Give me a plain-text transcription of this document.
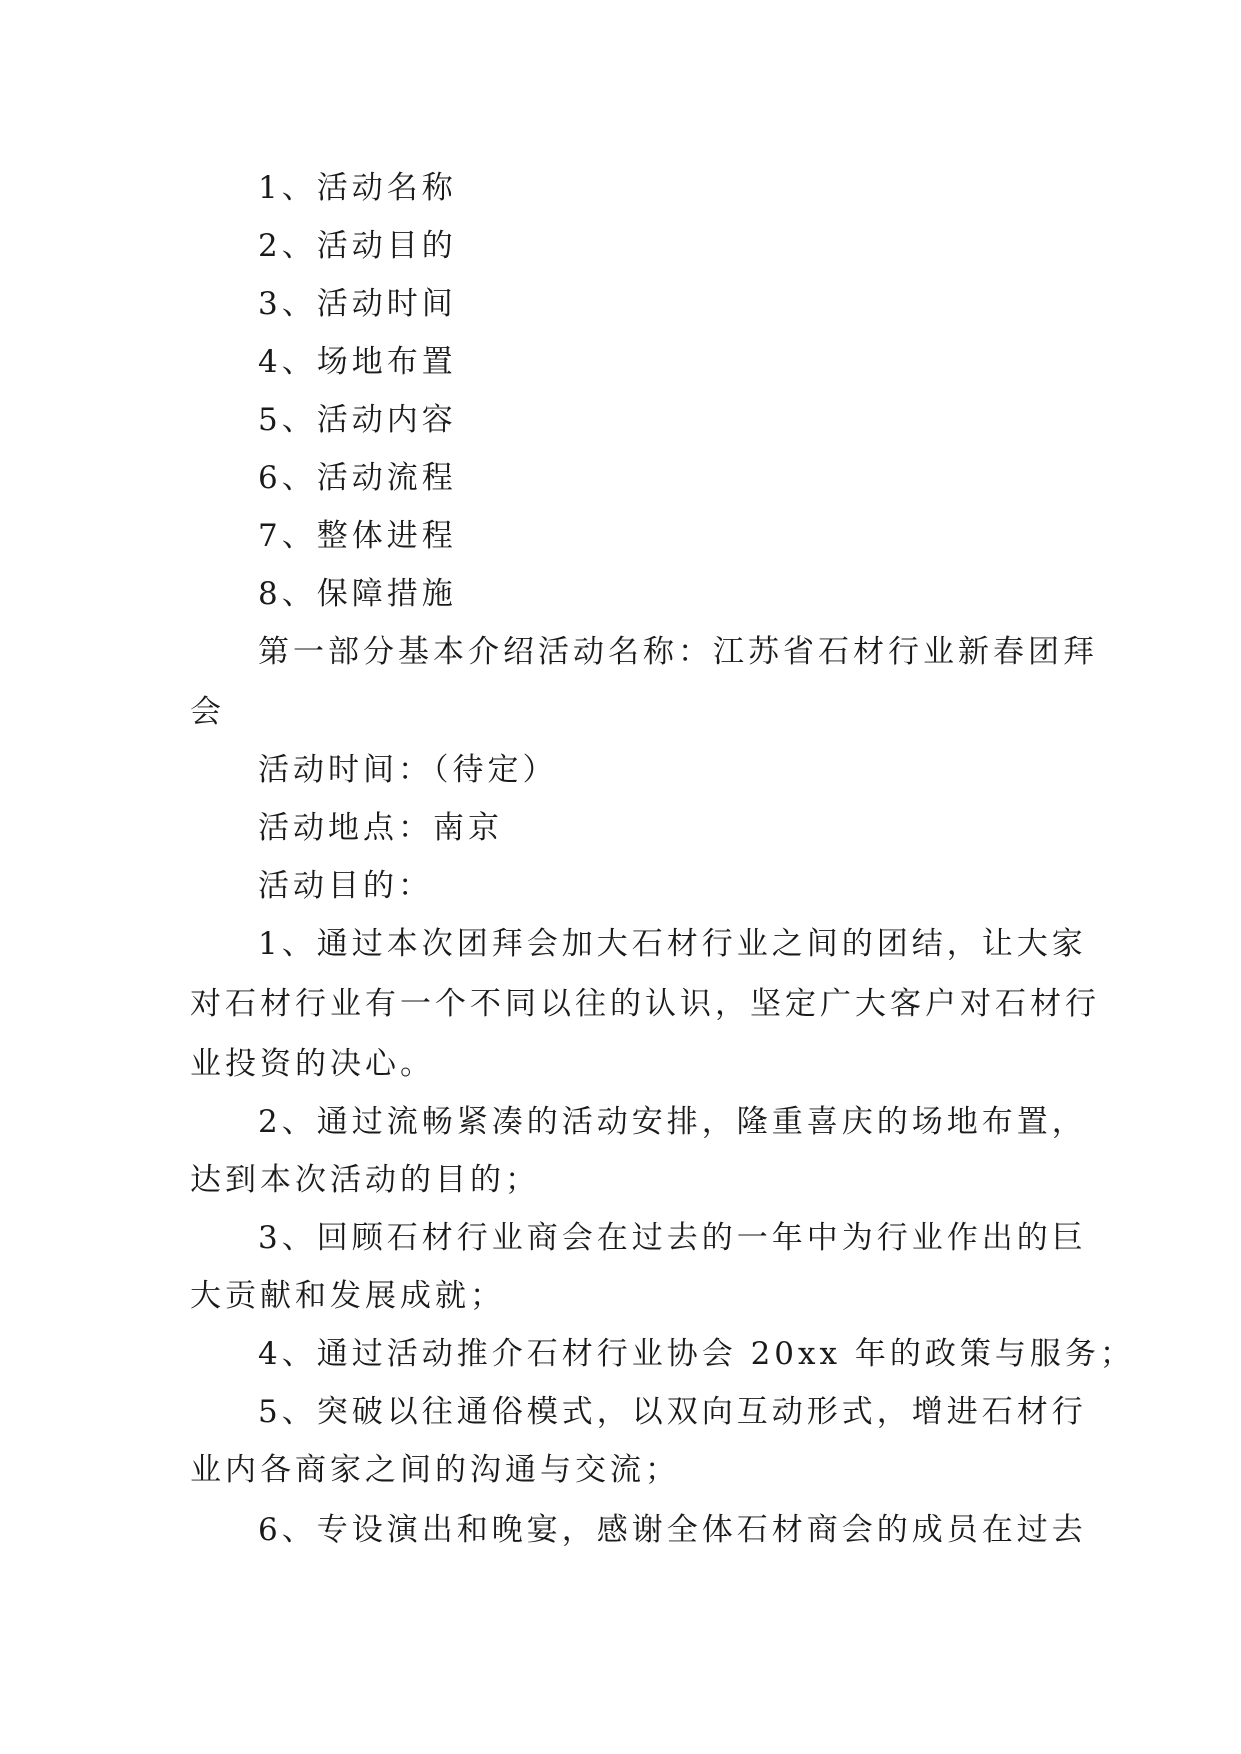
1、活动名称
2、活动目的
3、活动时间
4、场地布置
5、活动内容
6、活动流程
7、整体进程
8、保障措施
第一部分基本介绍活动名称：江苏省石材行业新春团拜
会
活动时间：（待定）
活动地点：南京
活动目的：
1、通过本次团拜会加大石材行业之间的团结，让大家
对石材行业有一个不同以往的认识，坚定广大客户对石材行
业投资的决心。
2、通过流畅紧凑的活动安排，隆重喜庆的场地布置，
达到本次活动的目的；
3、回顾石材行业商会在过去的一年中为行业作出的巨
大贡献和发展成就；
4、通过活动推介石材行业协会 20xx 年的政策与服务；
5、突破以往通俗模式，以双向互动形式，增进石材行
业内各商家之间的沟通与交流；
6、专设演出和晚宴，感谢全体石材商会的成员在过去
